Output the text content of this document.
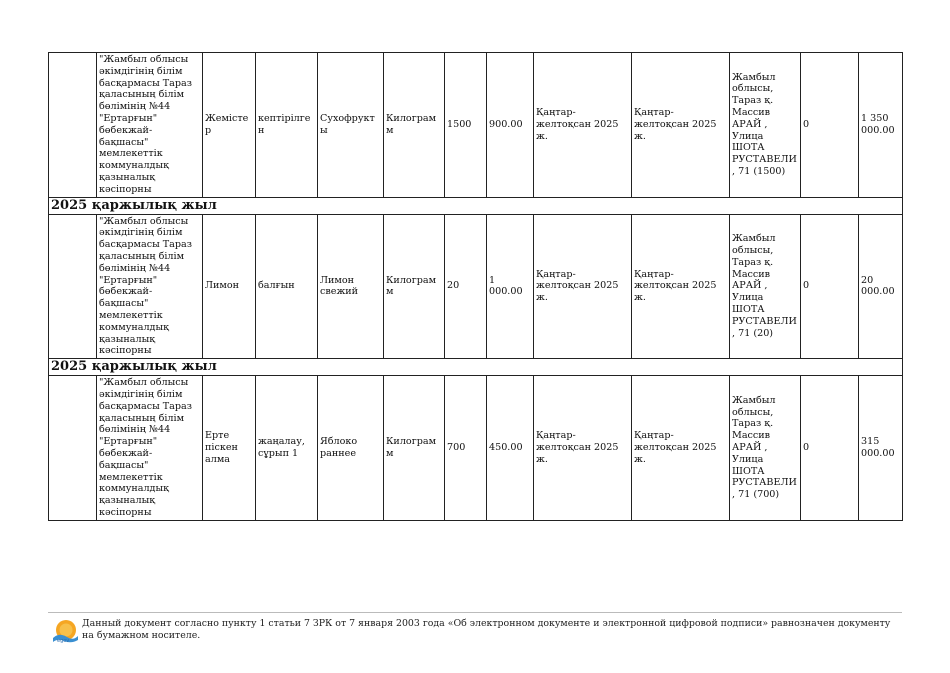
	"Жамбыл облысы әкімдігінің білім басқармасы Тараз қаласының білім бөлімінің №44 "Ертарғын" бөбекжай-бақшасы" мемлекеттік коммуналдық қазыналық кәсіпорны	Жемістер	кептірілген	Сухофрукты	Килограмм	1500	900.00	Қаңтар-желтоқсан 2025 ж.	Қаңтар-желтоқсан 2025 ж.	Жамбыл облысы, Тараз қ. Массив АРАЙ , Улица ШОТА РУСТАВЕЛИ, 71 (1500)	0	1 350 000.00
2025 қаржылық жыл												
	"Жамбыл облысы әкімдігінің білім басқармасы Тараз қаласының білім бөлімінің №44 "Ертарғын" бөбекжай-бақшасы" мемлекеттік коммуналдық қазыналық кәсіпорны	Лимон	балғын	Лимон свежий	Килограмм	20	1 000.00	Қаңтар-желтоқсан 2025 ж.	Қаңтар-желтоқсан 2025 ж.	Жамбыл облысы, Тараз қ. Массив АРАЙ , Улица ШОТА РУСТАВЕЛИ, 71 (20)	0	20 000.00
2025 қаржылық жыл												
	"Жамбыл облысы әкімдігінің білім басқармасы Тараз қаласының білім бөлімінің №44 "Ертарғын" бөбекжай-бақшасы" мемлекеттік коммуналдық қазыналық кәсіпорны	Ерте піскен алма	жаңалау, сұрып 1	Яблоко раннее	Килограмм	700	450.00	Қаңтар-желтоқсан 2025 ж.	Қаңтар-желтоқсан 2025 ж.	Жамбыл облысы, Тараз қ. Массив АРАЙ , Улица ШОТА РУСТАВЕЛИ, 71 (700)	0	315 000.00
egov
Данный документ согласно пункту 1 статьи 7 ЗРК от 7 января 2003 года «Об электронном документе и электронной цифровой подписи» равнозначен документу на бумажном носителе.
